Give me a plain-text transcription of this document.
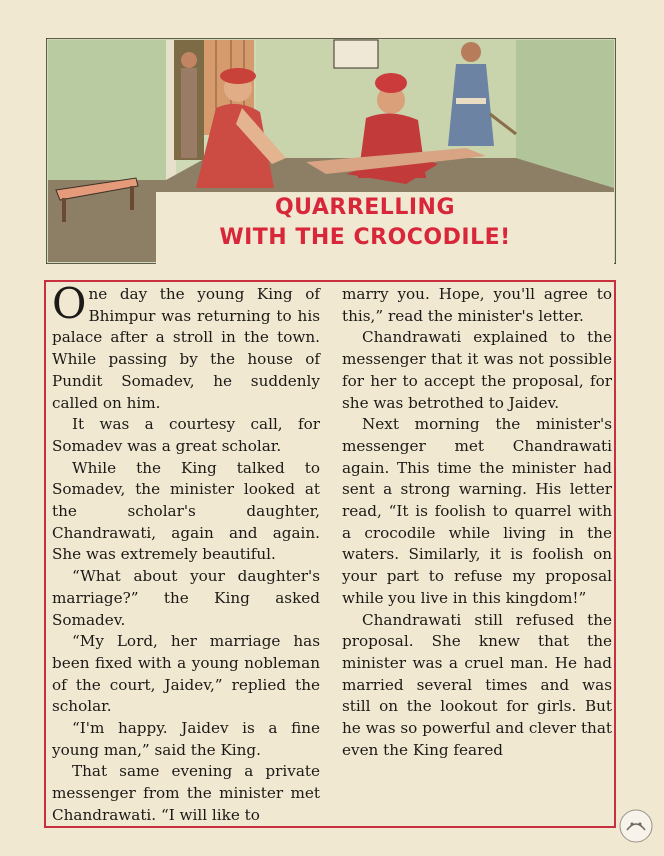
QUARRELLING
WITH THE CROCODILE!

One day the young King of Bhimpur was returning to his palace after a stroll in the town. While passing by the house of Pundit Somadev, he suddenly called on him.

It was a courtesy call, for Somadev was a great scholar.

While the King talked to Somadev, the minister looked at the scholar's daughter, Chandrawati, again and again. She was extremely beautiful.

“What about your daughter's marriage?” the King asked Somadev.

“My Lord, her marriage has been fixed with a young nobleman of the court, Jaidev,” replied the scholar.

“I'm happy. Jaidev is a fine young man,” said the King.

That same evening a private messenger from the minister met Chandrawati. “I will like to

marry you. Hope, you'll agree to this,” read the minister's letter.

Chandrawati explained to the messenger that it was not possible for her to accept the proposal, for she was betrothed to Jaidev.

Next morning the minister's messenger met Chandrawati again. This time the minister had sent a strong warning. His letter read, “It is foolish to quarrel with a crocodile while living in the waters. Similarly, it is foolish on your part to refuse my proposal while you live in this kingdom!”

Chandrawati still refused the proposal. She knew that the minister was a cruel man. He had married several times and was still on the lookout for girls. But he was so powerful and clever that even the King feared
